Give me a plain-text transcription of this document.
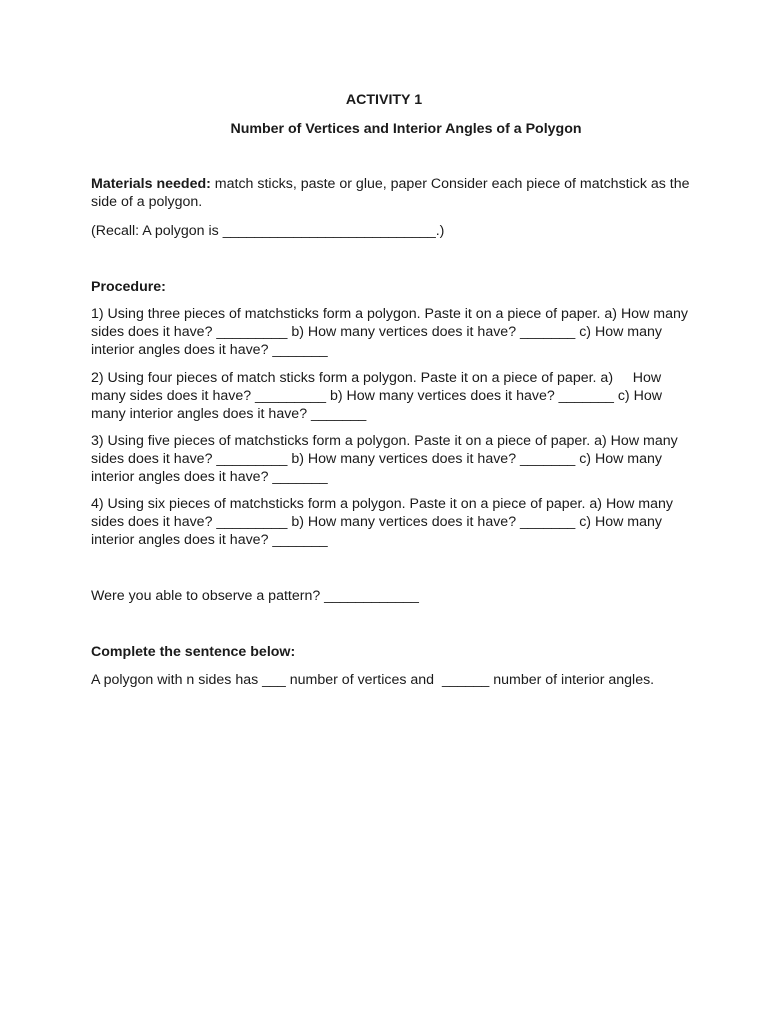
ACTIVITY 1
Number of Vertices and Interior Angles of a Polygon
Materials needed: match sticks, paste or glue, paper Consider each piece of matchstick as the side of a polygon.
(Recall: A polygon is ___________________________.)
Procedure:
1) Using three pieces of matchsticks form a polygon. Paste it on a piece of paper. a) How many sides does it have? _________ b) How many vertices does it have? _______ c) How many interior angles does it have? _______
2) Using four pieces of match sticks form a polygon. Paste it on a piece of paper. a)     How many sides does it have? _________ b) How many vertices does it have? _______ c) How many interior angles does it have? _______
3) Using five pieces of matchsticks form a polygon. Paste it on a piece of paper. a) How many sides does it have? _________ b) How many vertices does it have? _______ c) How many interior angles does it have? _______
4) Using six pieces of matchsticks form a polygon. Paste it on a piece of paper. a) How many sides does it have? _________ b) How many vertices does it have? _______ c) How many interior angles does it have? _______
Were you able to observe a pattern? ____________
Complete the sentence below:
A polygon with n sides has ___ number of vertices and  ______ number of interior angles.
